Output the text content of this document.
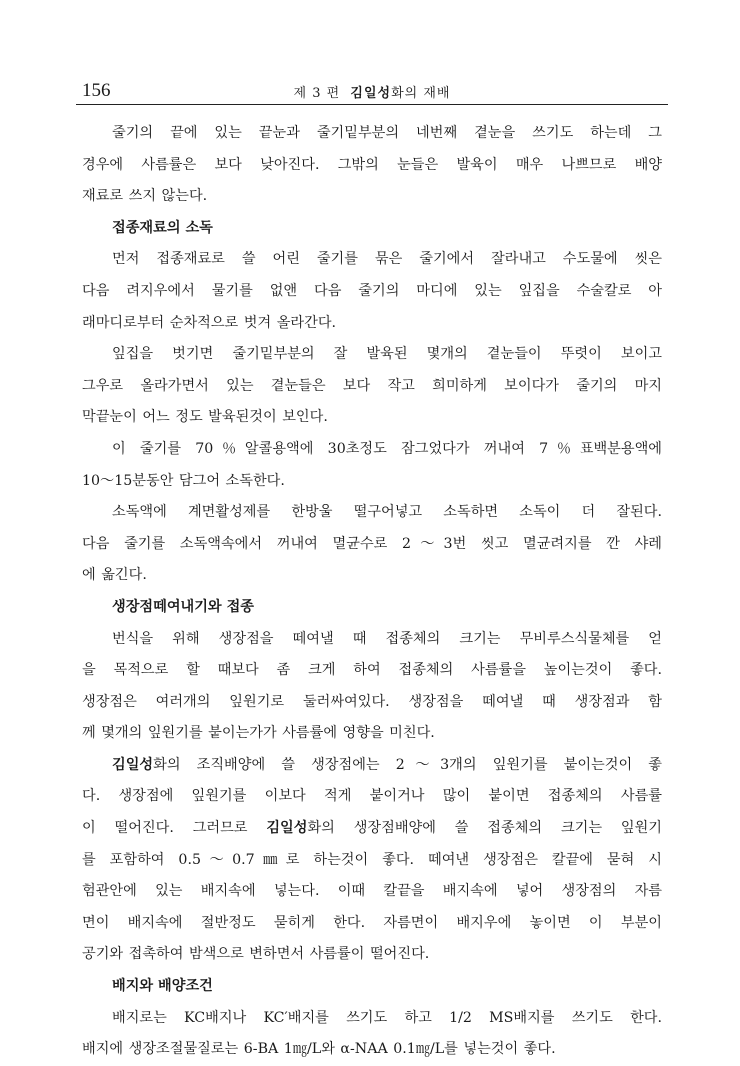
156	제 3 편 김일성화의 재배

줄기의 끝에 있는 끝눈과 줄기밑부분의 네번째 곁눈을 쓰기도 하는데 그

경우에 사름률은 보다 낮아진다. 그밖의 눈들은 발육이 매우 나쁘므로 배양

재료로 쓰지 않는다.

접종재료의 소독

먼저 접종재료로 쓸 어린 줄기를 묶은 줄기에서 잘라내고 수도물에 씻은

다음 려지우에서 물기를 없앤 다음 줄기의 마디에 있는 잎집을 수술칼로 아

래마디로부터 순차적으로 벗겨 올라간다.

잎집을 벗기면 줄기밑부분의 잘 발육된 몇개의 곁눈들이 뚜렷이 보이고

그우로 올라가면서 있는 곁눈들은 보다 작고 희미하게 보이다가 줄기의 마지

막끝눈이 어느 정도 발육된것이 보인다.

이 줄기를 70％알콜용액에 30초정도 잠그었다가 꺼내여 7％표백분용액에

10～15분동안 담그어 소독한다.

소독액에 계면활성제를 한방울 떨구어넣고 소독하면 소독이 더 잘된다.

다음 줄기를 소독액속에서 꺼내여 멸균수로 2～3번 씻고 멸균려지를 깐 샤레

에 옮긴다.

생장점떼여내기와 접종

번식을 위해 생장점을 떼여낼 때 접종체의 크기는 무비루스식물체를 얻

을 목적으로 할 때보다 좀 크게 하여 접종체의 사름률을 높이는것이 좋다.

생장점은 여러개의 잎원기로 둘러싸여있다. 생장점을 떼여낼 때 생장점과 함

께 몇개의 잎원기를 붙이는가가 사름률에 영향을 미친다.

김일성화의 조직배양에 쓸 생장점에는 2～3개의 잎원기를 붙이는것이 좋

다. 생장점에 잎원기를 이보다 적게 붙이거나 많이 붙이면 접종체의 사름률

이 떨어진다. 그러므로 김일성화의 생장점배양에 쓸 접종체의 크기는 잎원기

를 포함하여 0.5～0.7㎜로 하는것이 좋다. 떼여낸 생장점은 칼끝에 묻혀 시

험관안에 있는 배지속에 넣는다. 이때 칼끝을 배지속에 넣어 생장점의 자름

면이 배지속에 절반정도 묻히게 한다. 자름면이 배지우에 놓이면 이 부분이

공기와 접촉하여 밤색으로 변하면서 사름률이 떨어진다.

배지와 배양조건

배지로는 KC배지나 KC′배지를 쓰기도 하고 1/2 MS배지를 쓰기도 한다.

배지에 생장조절물질로는 6-BA 1㎎/L와 α-NAA 0.1㎎/L를 넣는것이 좋다.
